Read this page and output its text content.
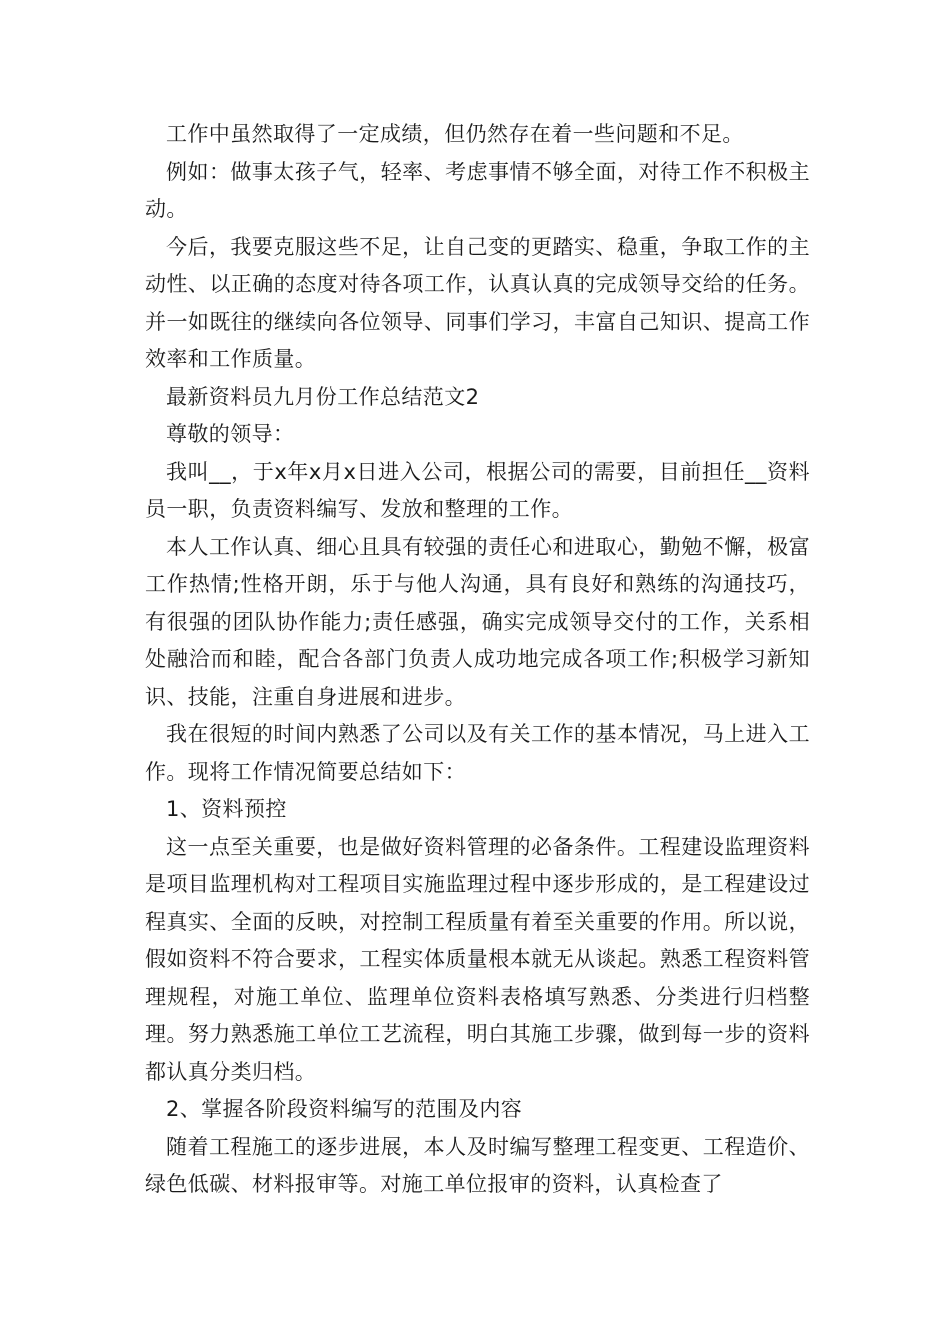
工作中虽然取得了一定成绩，但仍然存在着一些问题和不足。

例如：做事太孩子气，轻率、考虑事情不够全面，对待工作不积极主动。

今后，我要克服这些不足，让自己变的更踏实、稳重，争取工作的主动性、以正确的态度对待各项工作，认真认真的完成领导交给的任务。并一如既往的继续向各位领导、同事们学习，丰富自己知识、提高工作效率和工作质量。

最新资料员九月份工作总结范文2

尊敬的领导：

我叫__，于x年x月x日进入公司，根据公司的需要，目前担任__资料员一职，负责资料编写、发放和整理的工作。

本人工作认真、细心且具有较强的责任心和进取心，勤勉不懈，极富工作热情;性格开朗，乐于与他人沟通，具有良好和熟练的沟通技巧，有很强的团队协作能力;责任感强，确实完成领导交付的工作，关系相处融洽而和睦，配合各部门负责人成功地完成各项工作;积极学习新知识、技能，注重自身进展和进步。

我在很短的时间内熟悉了公司以及有关工作的基本情况，马上进入工作。现将工作情况简要总结如下：

1、资料预控

这一点至关重要，也是做好资料管理的必备条件。工程建设监理资料是项目监理机构对工程项目实施监理过程中逐步形成的，是工程建设过程真实、全面的反映，对控制工程质量有着至关重要的作用。所以说，假如资料不符合要求，工程实体质量根本就无从谈起。熟悉工程资料管理规程，对施工单位、监理单位资料表格填写熟悉、分类进行归档整理。努力熟悉施工单位工艺流程，明白其施工步骤，做到每一步的资料都认真分类归档。

2、掌握各阶段资料编写的范围及内容

随着工程施工的逐步进展，本人及时编写整理工程变更、工程造价、绿色低碳、材料报审等。对施工单位报审的资料，认真检查了
